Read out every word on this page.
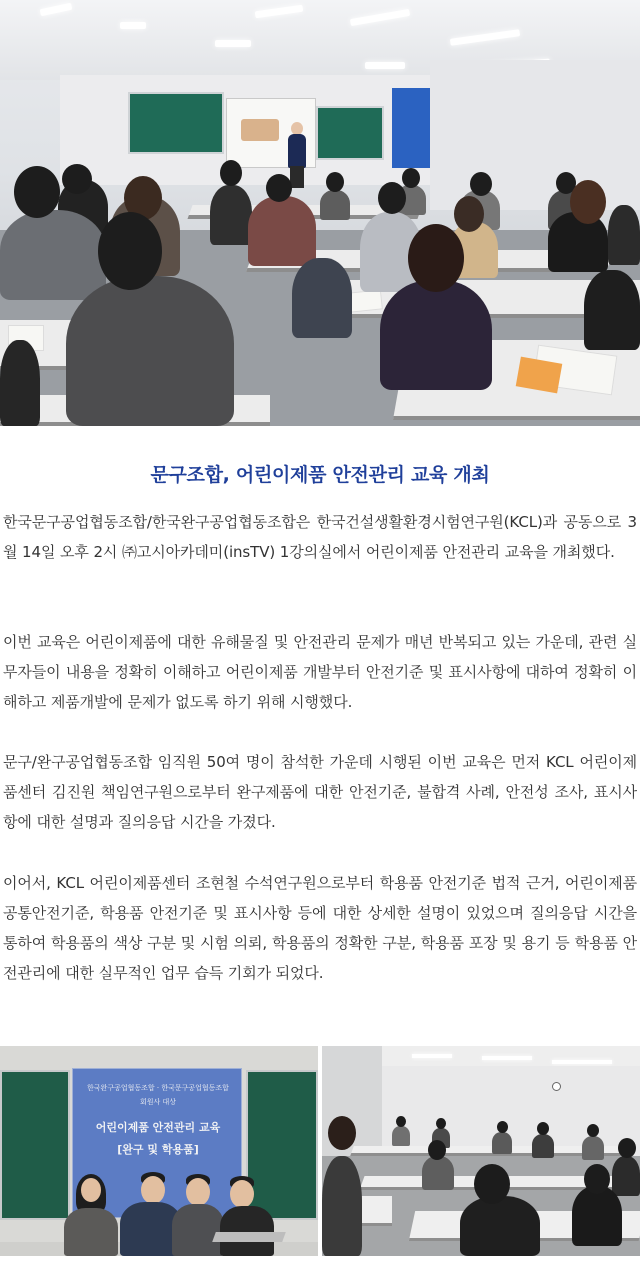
문구조합, 어린이제품 안전관리 교육 개최

한국문구공업협동조합/한국완구공업협동조합은 한국건설생활환경시험연구원(KCL)과 공동으로 3월 14일 오후 2시 ㈜고시아카데미(insTV) 1강의실에서 어린이제품 안전관리 교육을 개최했다.

이번 교육은 어린이제품에 대한 유해물질 및 안전관리 문제가 매년 반복되고 있는 가운데, 관련 실무자들이 내용을 정확히 이해하고 어린이제품 개발부터 안전기준 및 표시사항에 대하여 정확히 이해하고 제품개발에 문제가 없도록 하기 위해 시행했다.

문구/완구공업협동조합 임직원 50여 명이 참석한 가운데 시행된 이번 교육은 먼저 KCL 어린이제품센터 김진원 책임연구원으로부터 완구제품에 대한 안전기준, 불합격 사례, 안전성 조사, 표시사항에 대한 설명과 질의응답 시간을 가졌다.

이어서, KCL 어린이제품센터 조현철 수석연구원으로부터 학용품 안전기준 법적 근거, 어린이제품 공통안전기준, 학용품 안전기준 및 표시사항 등에 대한 상세한 설명이 있었으며 질의응답 시간을 통하여 학용품의 색상 구분 및 시험 의뢰, 학용품의 정확한 구분, 학용품 포장 및 용기 등 학용품 안전관리에 대한 실무적인 업무 습득 기회가 되었다.

한국완구공업협동조합 · 한국문구공업협동조합
회원사 대상
어린이제품 안전관리 교육
[완구 및 학용품]
